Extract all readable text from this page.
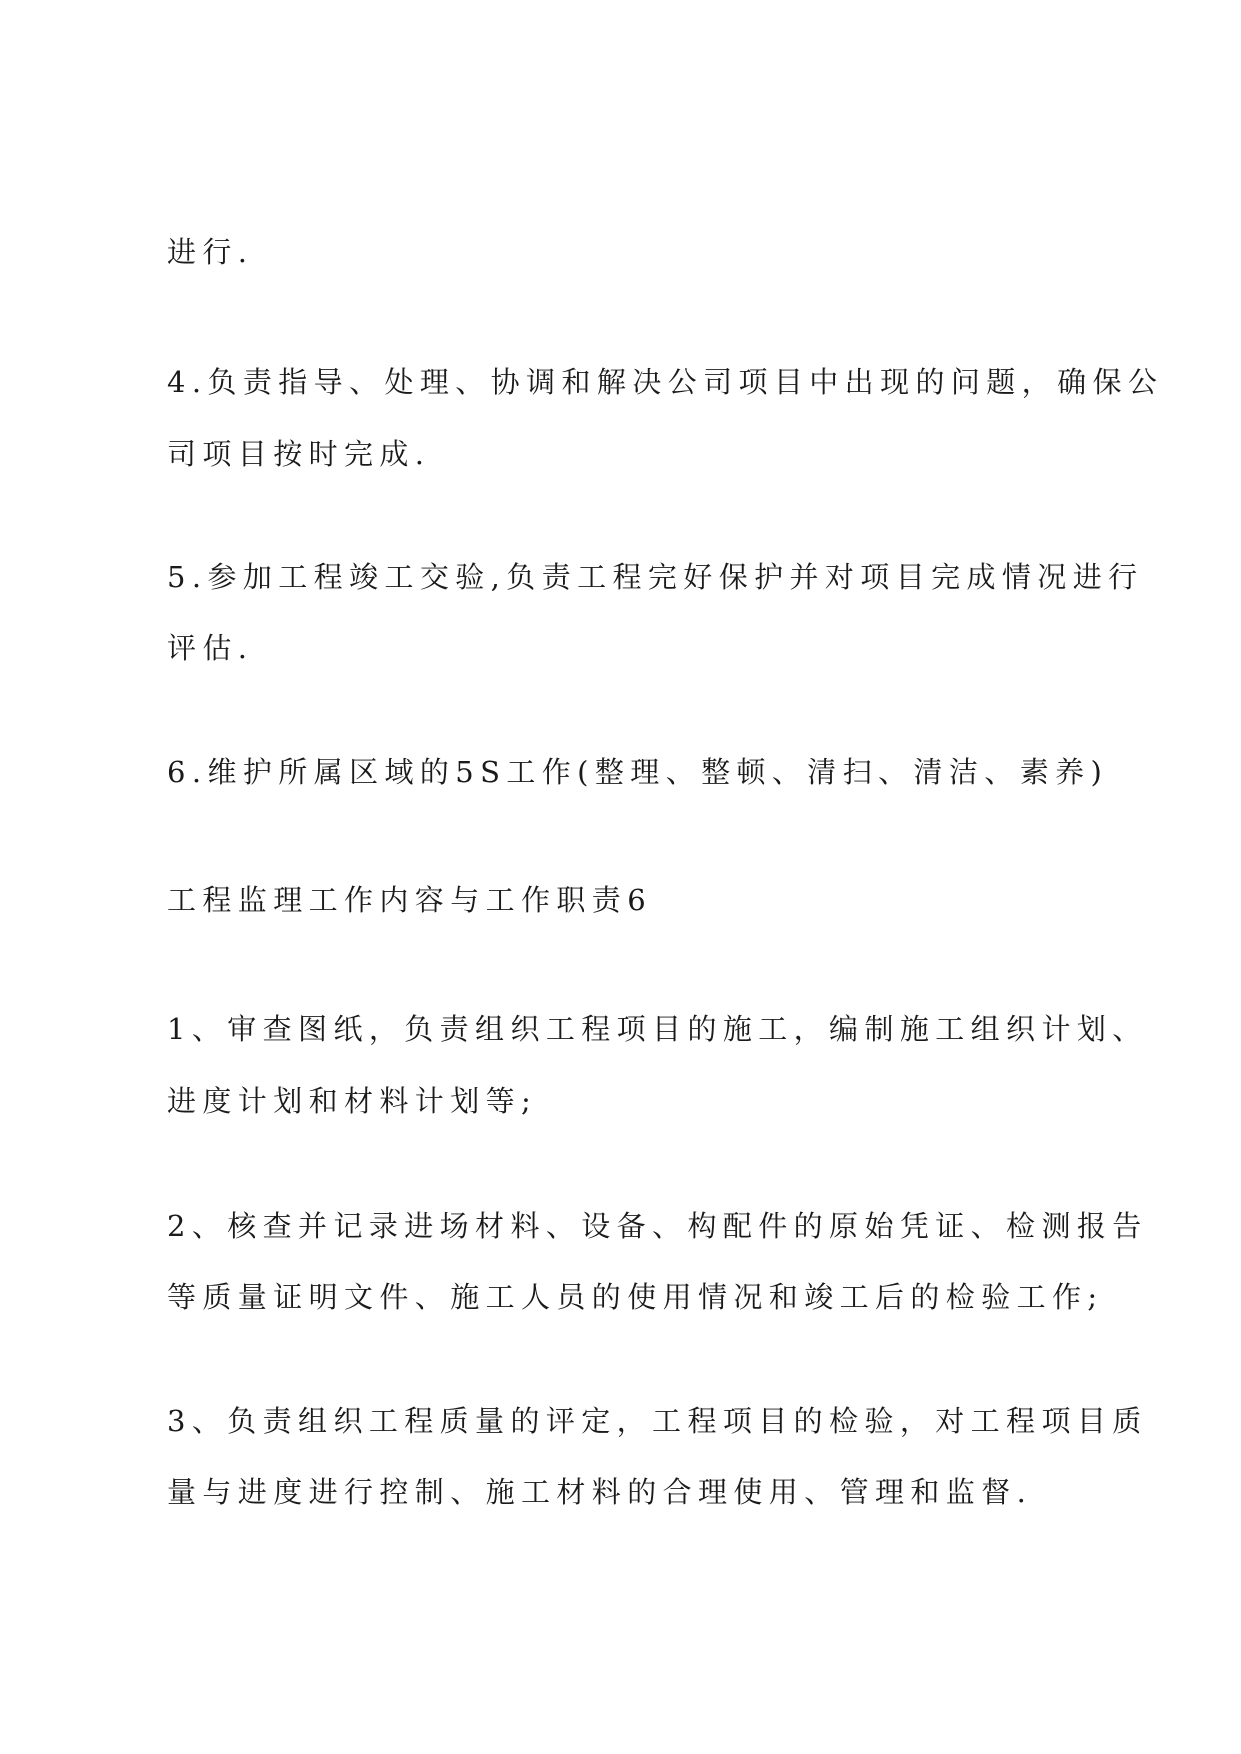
进行.

4.负责指导、处理、协调和解决公司项目中出现的问题，确保公

司项目按时完成.

5.参加工程竣工交验,负责工程完好保护并对项目完成情况进行

评估.

6.维护所属区域的5S工作(整理、整顿、清扫、清洁、素养)

工程监理工作内容与工作职责6

1、审查图纸，负责组织工程项目的施工，编制施工组织计划、

进度计划和材料计划等;

2、核查并记录进场材料、设备、构配件的原始凭证、检测报告

等质量证明文件、施工人员的使用情况和竣工后的检验工作;

3、负责组织工程质量的评定，工程项目的检验，对工程项目质

量与进度进行控制、施工材料的合理使用、管理和监督.
